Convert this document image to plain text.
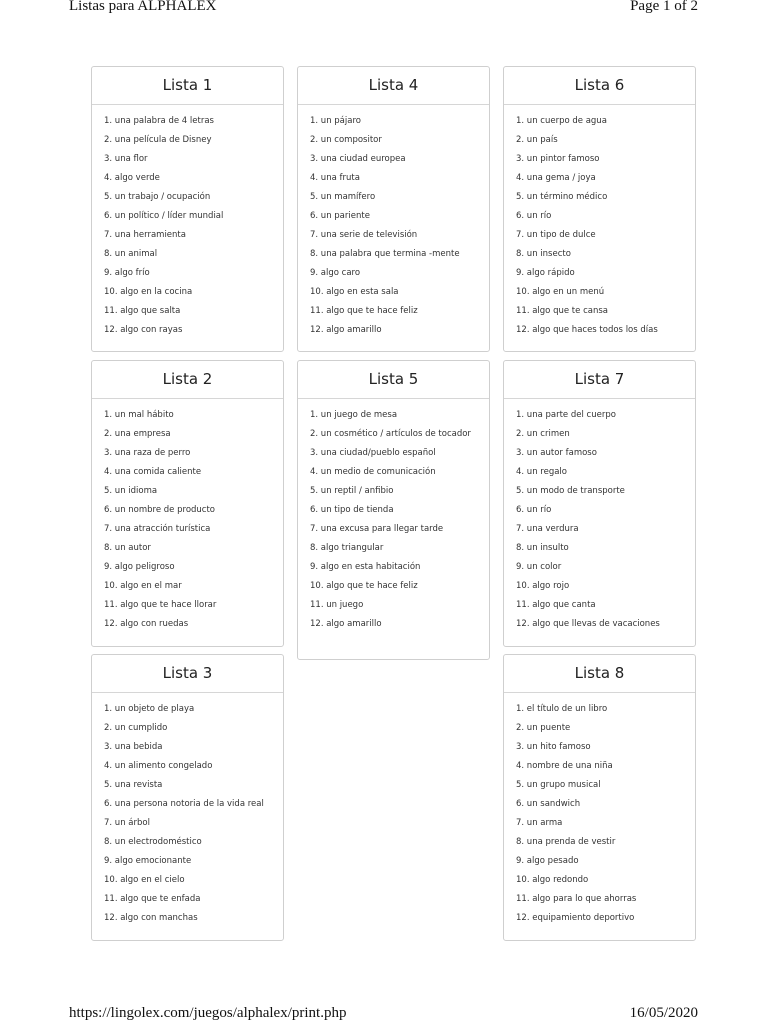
Listas para ALPHALEX	Page 1 of 2
Lista 1
1. una palabra de 4 letras
2. una película de Disney
3. una flor
4. algo verde
5. un trabajo / ocupación
6. un político / líder mundial
7. una herramienta
8. un animal
9. algo frío
10. algo en la cocina
11. algo que salta
12. algo con rayas
Lista 4
1. un pájaro
2. un compositor
3. una ciudad europea
4. una fruta
5. un mamífero
6. un pariente
7. una serie de televisión
8. una palabra que termina -mente
9. algo caro
10. algo en esta sala
11. algo que te hace feliz
12. algo amarillo
Lista 6
1. un cuerpo de agua
2. un país
3. un pintor famoso
4. una gema / joya
5. un término médico
6. un río
7. un tipo de dulce
8. un insecto
9. algo rápido
10. algo en un menú
11. algo que te cansa
12. algo que haces todos los días
Lista 2
1. un mal hábito
2. una empresa
3. una raza de perro
4. una comida caliente
5. un idioma
6. un nombre de producto
7. una atracción turística
8. un autor
9. algo peligroso
10. algo en el mar
11. algo que te hace llorar
12. algo con ruedas
Lista 5
1. un juego de mesa
2. un cosmético / artículos de tocador
3. una ciudad/pueblo español
4. un medio de comunicación
5. un reptil / anfibio
6. un tipo de tienda
7. una excusa para llegar tarde
8. algo triangular
9. algo en esta habitación
10. algo que te hace feliz
11. un juego
12. algo amarillo
Lista 7
1. una parte del cuerpo
2. un crimen
3. un autor famoso
4. un regalo
5. un modo de transporte
6. un río
7. una verdura
8. un insulto
9. un color
10. algo rojo
11. algo que canta
12. algo que llevas de vacaciones
Lista 3
1. un objeto de playa
2. un cumplido
3. una bebida
4. un alimento congelado
5. una revista
6. una persona notoria de la vida real
7. un árbol
8. un electrodoméstico
9. algo emocionante
10. algo en el cielo
11. algo que te enfada
12. algo con manchas
Lista 8
1. el título de un libro
2. un puente
3. un hito famoso
4. nombre de una niña
5. un grupo musical
6. un sandwich
7. un arma
8. una prenda de vestir
9. algo pesado
10. algo redondo
11. algo para lo que ahorras
12. equipamiento deportivo
https://lingolex.com/juegos/alphalex/print.php	16/05/2020
